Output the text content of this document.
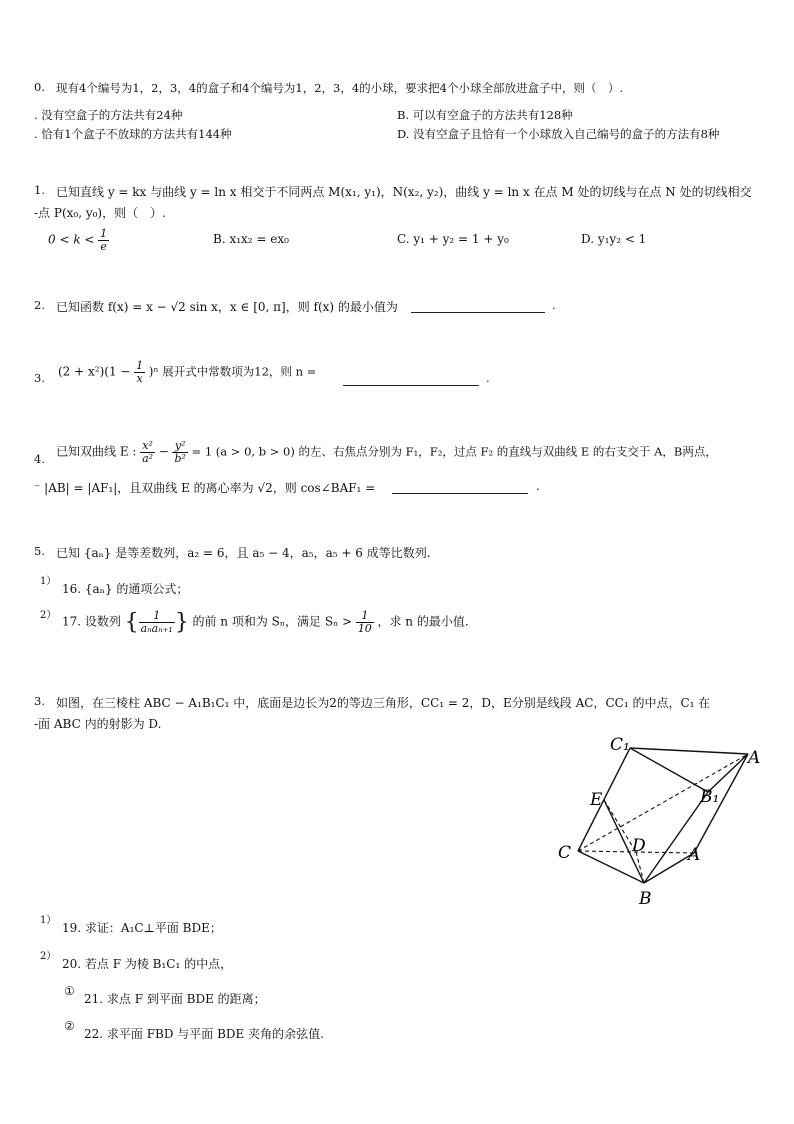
0. 现有4个编号为1，2，3，4的盒子和4个编号为1，2，3，4的小球，要求把4个小球全部放进盒子中，则（　）.
. 没有空盒子的方法共有24种	B. 可以有空盒子的方法共有128种
. 恰有1个盒子不放球的方法共有144种	D. 没有空盒子且恰有一个小球放入自己编号的盒子的方法有8种
1. 已知直线 y = kx 与曲线 y = ln x 相交于不同两点 M(x₁, y₁)，N(x₂, y₂)，曲线 y = ln x 在点 M 处的切线与在点 N 处的切线相交
-点 P(x₀, y₀)，则（　）.
$0 < k < \frac{1}{e}$	B. x₁x₂ = ex₀	C. y₁ + y₂ = 1 + y₀	D. y₁y₂ < 1
2. 已知函数 f(x) = x − √2 sin x，x ∈ [0, π]，则 f(x) 的最小值为	.
3. $(2 + x^2)(1 - \frac{1}{x} )^n$ 展开式中常数项为12，则 n =	.
4.
已知双曲线 E : $\frac{\text{x²}}{\text{a²}} - \frac{\text{y²}}{\text{b²}} = 1$ (a > 0, b > 0) 的左、右焦点分别为 F₁，F₂，过点 F₂ 的直线与双曲线 E 的右支交于 A，B两点，
⁻ |AB| = |AF₁|，且双曲线 E 的离心率为 √2，则 cos∠BAF₁ =	.
5. 已知 {aₙ} 是等差数列，a₂ = 6，且 a₅ − 4，a₅，a₅ + 6 成等比数列.
1）
16. {aₙ} 的通项公式；
2） 17. 设数列 { $\frac{1}{\text{aₙaₙ₊₁}}$ } 的前 n 项和为 Sₙ，满足 $S_n > \frac{1}{10}$ ，求 n 的最小值.
3. 如图，在三棱柱 ABC − A₁B₁C₁ 中，底面是边长为2的等边三角形，CC₁ = 2，D，E分别是线段 AC，CC₁ 的中点，C₁ 在
-面 ABC 内的射影为 D.
C₁
A
E	B₁
C	D A
B
1）
19. 求证：A₁C⊥平面 BDE；
2）
20. 若点 F 为棱 B₁C₁ 的中点，
①
21. 求点 F 到平面 BDE 的距离；
②
22. 求平面 FBD 与平面 BDE 夹角的余弦值.
